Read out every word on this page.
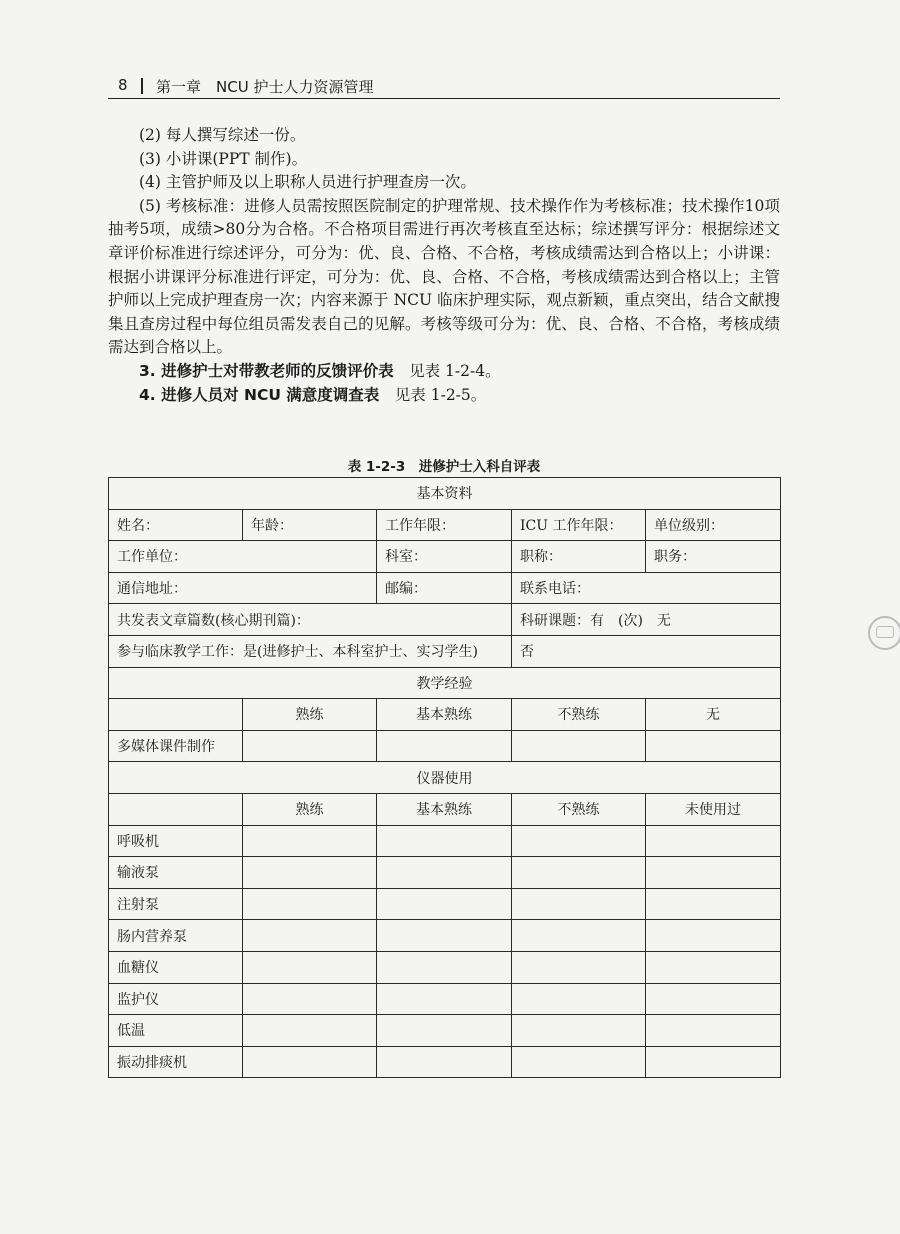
8 第一章　NCU 护士人力资源管理

(2) 每人撰写综述一份。

(3) 小讲课(PPT 制作)。

(4) 主管护师及以上职称人员进行护理查房一次。

(5) 考核标准：进修人员需按照医院制定的护理常规、技术操作作为考核标准；技术操作10项抽考5项，成绩>80分为合格。不合格项目需进行再次考核直至达标；综述撰写评分：根据综述文章评价标准进行综述评分，可分为：优、良、合格、不合格，考核成绩需达到合格以上；小讲课：根据小讲课评分标准进行评定，可分为：优、良、合格、不合格，考核成绩需达到合格以上；主管护师以上完成护理查房一次；内容来源于 NCU 临床护理实际，观点新颖，重点突出，结合文献搜集且查房过程中每位组员需发表自己的见解。考核等级可分为：优、良、合格、不合格，考核成绩需达到合格以上。

3. 进修护士对带教老师的反馈评价表 见表 1-2-4。

4. 进修人员对 NCU 满意度调查表 见表 1-2-5。

表 1-2-3　进修护士入科自评表
基本资料				
姓名：	年龄：	工作年限：	ICU 工作年限：	单位级别：
工作单位：		科室：	职称：	职务：
通信地址：		邮编：	联系电话：	
共发表文章篇数(核心期刊篇)：			科研课题：有　(次)　无	
参与临床教学工作：是(进修护士、本科室护士、实习学生)			否	
教学经验				
	熟练	基本熟练	不熟练	无
多媒体课件制作				
仪器使用				
	熟练	基本熟练	不熟练	未使用过
呼吸机				
输液泵				
注射泵				
肠内营养泵				
血糖仪				
监护仪				
低温				
振动排痰机				
